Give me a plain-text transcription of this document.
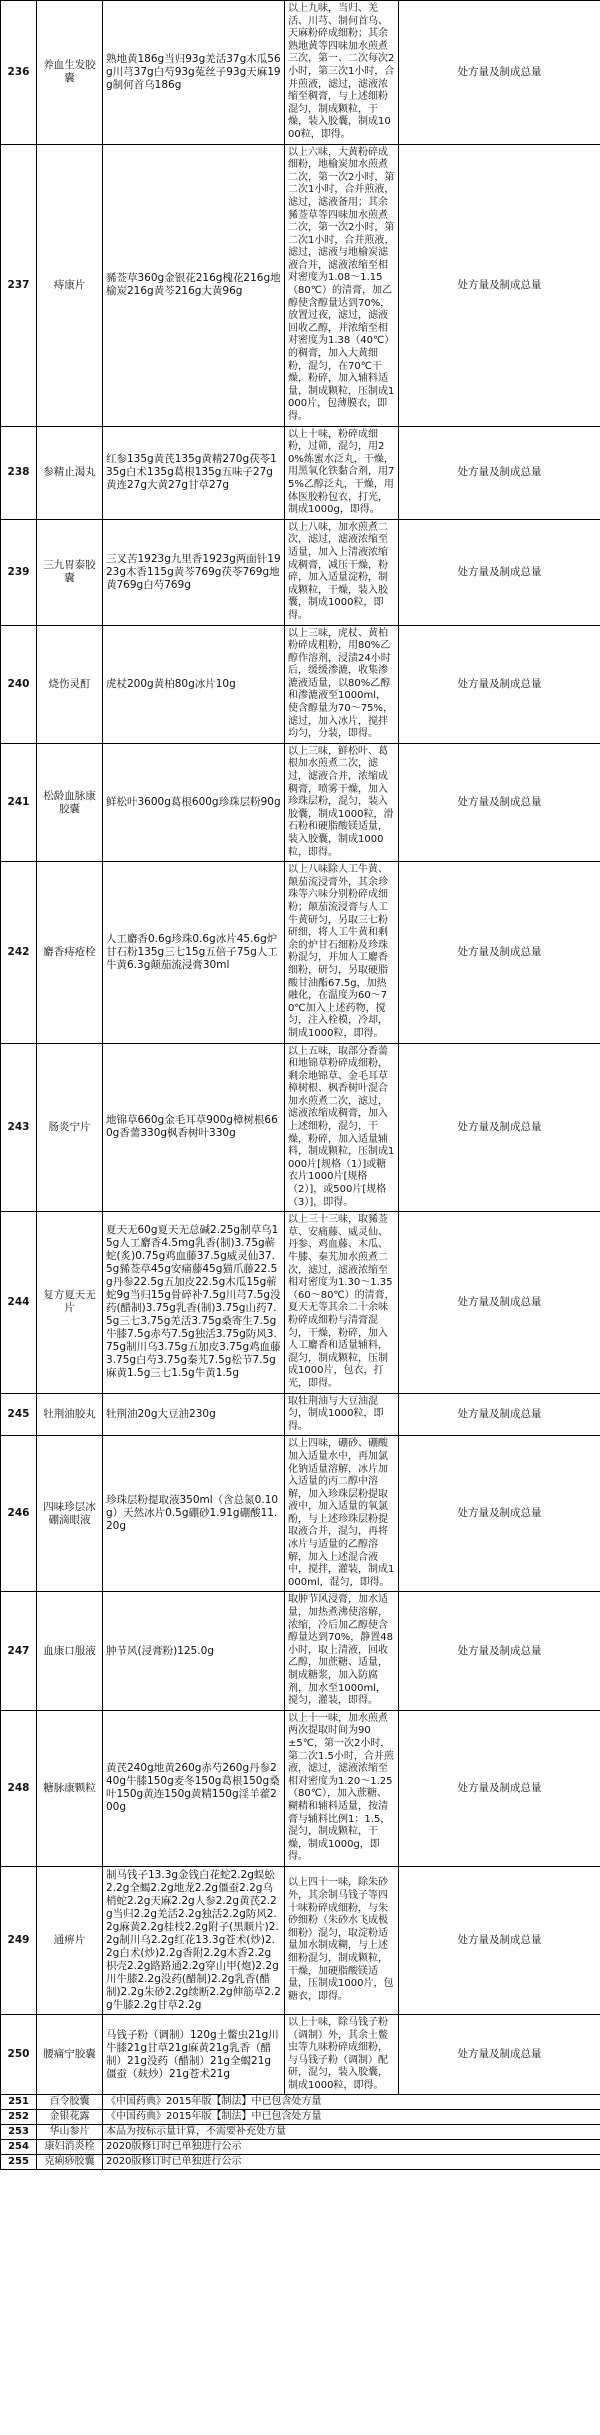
236	养血生发胶囊	熟地黄186g当归93g羌活37g木瓜56g川芎37g白芍93g菟丝子93g天麻19g制何首乌186g	以上九味，当归、羌活、川芎、制何首乌、天麻粉碎成细粉；其余熟地黄等四味加水煎煮三次，第一、二次每次2小时，第三次1小时，合并煎液，滤过，滤液浓缩至稠膏，与上述细粉混匀，制成颗粒，干燥，装入胶囊，制成1000粒，即得。	处方量及制成总量
237	痔康片	豨莶草360g金银花216g槐花216g地榆炭216g黄芩216g大黄96g	以上六味，大黄粉碎成细粉，地榆炭加水煎煮二次，第一次2小时，第二次1小时，合并煎液，滤过，滤液备用；其余豨莶草等四味加水煎煮二次，第一次2小时，第二次1小时，合并煎液，滤过，滤液与地榆炭滤液合并，滤液浓缩至相对密度为1.08～1.15（80℃）的清膏，加乙醇使含醇量达到70%，放置过夜，滤过，滤液回收乙醇，并浓缩至相对密度为1.38（40℃）的稠膏，加入大黄细粉，混匀，在70℃干燥，粉碎，加入辅料适量，制成颗粒，压制成1000片，包薄膜衣，即得。	处方量及制成总量
238	参精止渴丸	红参135g黄芪135g黄精270g茯苓135g白术135g葛根135g五味子27g黄连27g大黄27g甘草27g	以上十味，粉碎成细粉，过筛，混匀，用20%炼蜜水泛丸，干燥，用黑氧化铁黏合剂，用75%乙醇泛丸，干燥，用体医胶粉包衣，打光，制成1000g，即得。	处方量及制成总量
239	三九胃泰胶囊	三叉苦1923g九里香1923g两面针1923g木香115g黄芩769g茯苓769g地黄769g白芍769g	以上八味，加水煎煮二次，滤过，滤液浓缩至适量，加入上清液浓缩成稠膏，减压干燥，粉碎，加入适量淀粉，制成颗粒，干燥，装入胶囊，制成1000粒，即得。	处方量及制成总量
240	烧伤灵酊	虎杖200g黄柏80g冰片10g	以上三味，虎杖、黄柏粉碎成粗粉，用80%乙醇作溶剂，浸渍24小时后，缓缓渗漉，收集渗漉液适量，以80%乙醇和渗漉液至1000ml，使含醇量为70～75%，滤过，加入冰片，搅拌均匀，分装，即得。	处方量及制成总量
241	松龄血脉康胶囊	鲜松叶3600g葛根600g珍珠层粉90g	以上三味，鲜松叶、葛根加水煎煮二次，滤过，滤液合并，浓缩成稠膏，喷雾干燥，加入珍珠层粉，混匀，装入胶囊，制成1000粒，滑石粉和硬脂酸镁适量，装入胶囊，制成1000粒，即得。	处方量及制成总量
242	麝香痔疮栓	人工麝香0.6g珍珠0.6g冰片45.6g炉甘石粉135g三七15g五倍子75g人工牛黄6.3g颠茄流浸膏30ml	以上八味除人工牛黄、颠茄流浸膏外，其余珍珠等六味分别粉碎成细粉；颠茄流浸膏与人工牛黄研匀，另取三七粉研细，将人工牛黄和剩余的炉甘石细粉及珍珠粉混匀，并加人工麝香细粉，研匀，另取硬脂酸甘油酯67.5g，加热融化，在温度为60～70℃加入上述药物，搅匀，注入栓模，冷却，制成1000粒，即得。	处方量及制成总量
243	肠炎宁片	地锦草660g金毛耳草900g樟树根660g香薷330g枫香树叶330g	以上五味，取部分香薷和地锦草粉碎成细粉，剩余地锦草、金毛耳草樟树根、枫香树叶混合加水煎煮二次，滤过，滤液浓缩成稠膏，加入上述细粉，混匀，干燥，粉碎，加入适量辅料，制成颗粒，压制成1000片[规格（1）]或糖衣片1000片[规格（2）]，或500片[规格（3）]，即得。	处方量及制成总量
244	复方夏天无片	夏天无60g夏天无总碱2.25g制草乌15g人工麝香4.5mg乳香(制)3.75g蕲蛇(炙)0.75g鸡血藤37.5g威灵仙37.5g豨莶草45g安痛藤45g猫爪藤22.5g丹参22.5g五加皮22.5g木瓜15g蕲蛇9g当归15g骨碎补7.5g川芎7.5g没药(醋制)3.75g乳香(制)3.75g山药7.5g三七3.75g羌活3.75g桑寄生7.5g牛膝7.5g赤芍7.5g独活3.75g防风3.75g制川乌3.75g五加皮3.75g鸡血藤3.75g白芍3.75g秦艽7.5g松节7.5g麻黄1.5g三七1.5g牛黄1.5g	以上三十三味，取豨莶草、安痛藤、威灵仙、丹参、鸡血藤、木瓜、牛膝、秦艽加水煎煮二次，滤过，滤液浓缩至相对密度为1.30～1.35（60～80℃）的清膏，夏天无等其余二十余味粉碎成细粉与清膏混匀，干燥，粉碎，加入人工麝香和适量辅料，混匀，制成颗粒，压制成1000片，包衣，打光，即得。	处方量及制成总量
245	牡荆油胶丸	牡荆油20g大豆油230g	取牡荆油与大豆油混匀，制成1000粒，即得。	处方量及制成总量
246	四味珍层冰硼滴眼液	珍珠层粉提取液350ml（含总氮0.10g）天然冰片0.5g硼砂1.91g硼酸11.20g	以上四味，硼砂、硼酸加入适量水中，再加氯化钠适量溶解，冰片加入适量的丙二醇中溶解，加入珍珠层粉提取液中，加入适量的氧氯酚，与上述珍珠层粉提取液合并，混匀，再将冰片与适量的乙醇溶解，加入上述混合液中，搅拌，灌装，制成1000ml，混匀，即得。	处方量及制成总量
247	血康口服液	肿节风(浸膏粉)125.0g	取肿节风浸膏，加水适量，加热煮沸使溶解，浓缩，冷后加乙醇使含醇量达到70%，静置48小时，取上清液，回收乙醇，加蔗糖、适量，制成糖浆，加入防腐剂，加水至1000ml，搅匀，灌装，即得。	处方量及制成总量
248	糖脉康颗粒	黄芪240g地黄260g赤芍260g丹参240g牛膝150g麦冬150g葛根150g桑叶150g黄连150g黄精150g淫羊藿200g	以上十一味，加水煎煮两次提取时间为90±5℃，第一次2小时，第二次1.5小时，合并煎液，滤过，滤液浓缩至相对密度为1.20～1.25（80℃），加入蔗糖、糊精和辅料适量，按清膏与辅料比例1：1.5，混匀，制成颗粒，干燥，制成1000g，即得。	处方量及制成总量
249	通痹片	制马钱子13.3g金钱白花蛇2.2g蜈蚣2.2g全蝎2.2g地龙2.2g僵蚕2.2g乌梢蛇2.2g天麻2.2g人参2.2g黄芪2.2g当归2.2g羌活2.2g独活2.2g防风2.2g麻黄2.2g桂枝2.2g附子(黑顺片)2.2g制川乌2.2g红花13.3g苍术(炒)2.2g白术(炒)2.2g香附2.2g木香2.2g枳壳2.2g路路通2.2g穿山甲(炮)2.2g川牛膝2.2g没药(醋制)2.2g乳香(醋制)2.2g朱砂2.2g续断2.2g伸筋草2.2g牛膝2.2g甘草2.2g	以上四十一味，除朱砂外，其余制马钱子等四十味粉碎成细粉，与朱砂细粉（朱砂水飞成极细粉）混匀，取淀粉适量加水制成糊，与上述细粉混匀，制成颗粒，干燥，加硬脂酸镁适量，压制成1000片，包糖衣，即得。	处方量及制成总量
250	腰痛宁胶囊	马钱子粉（调制）120g土鳖虫21g川牛膝21g甘草21g麻黄21g乳香（醋制）21g没药（醋制）21g全蝎21g僵蚕（麸炒）21g苍术21g	以上十味，除马钱子粉（调制）外，其余土鳖虫等九味粉碎成细粉，与马钱子粉（调制）配研，混匀，装入胶囊，制成1000粒，即得。	处方量及制成总量
251	百令胶囊	《中国药典》2015年版【制法】中已包含处方量		
252	金银花露	《中国药典》2015年版【制法】中已包含处方量		
253	华山参片	本品为按标示量计算，不需要补充处方量		
254	康妇消炎栓	2020版修订时已单独进行公示		
255	克痢痧胶囊	2020版修订时已单独进行公示		
